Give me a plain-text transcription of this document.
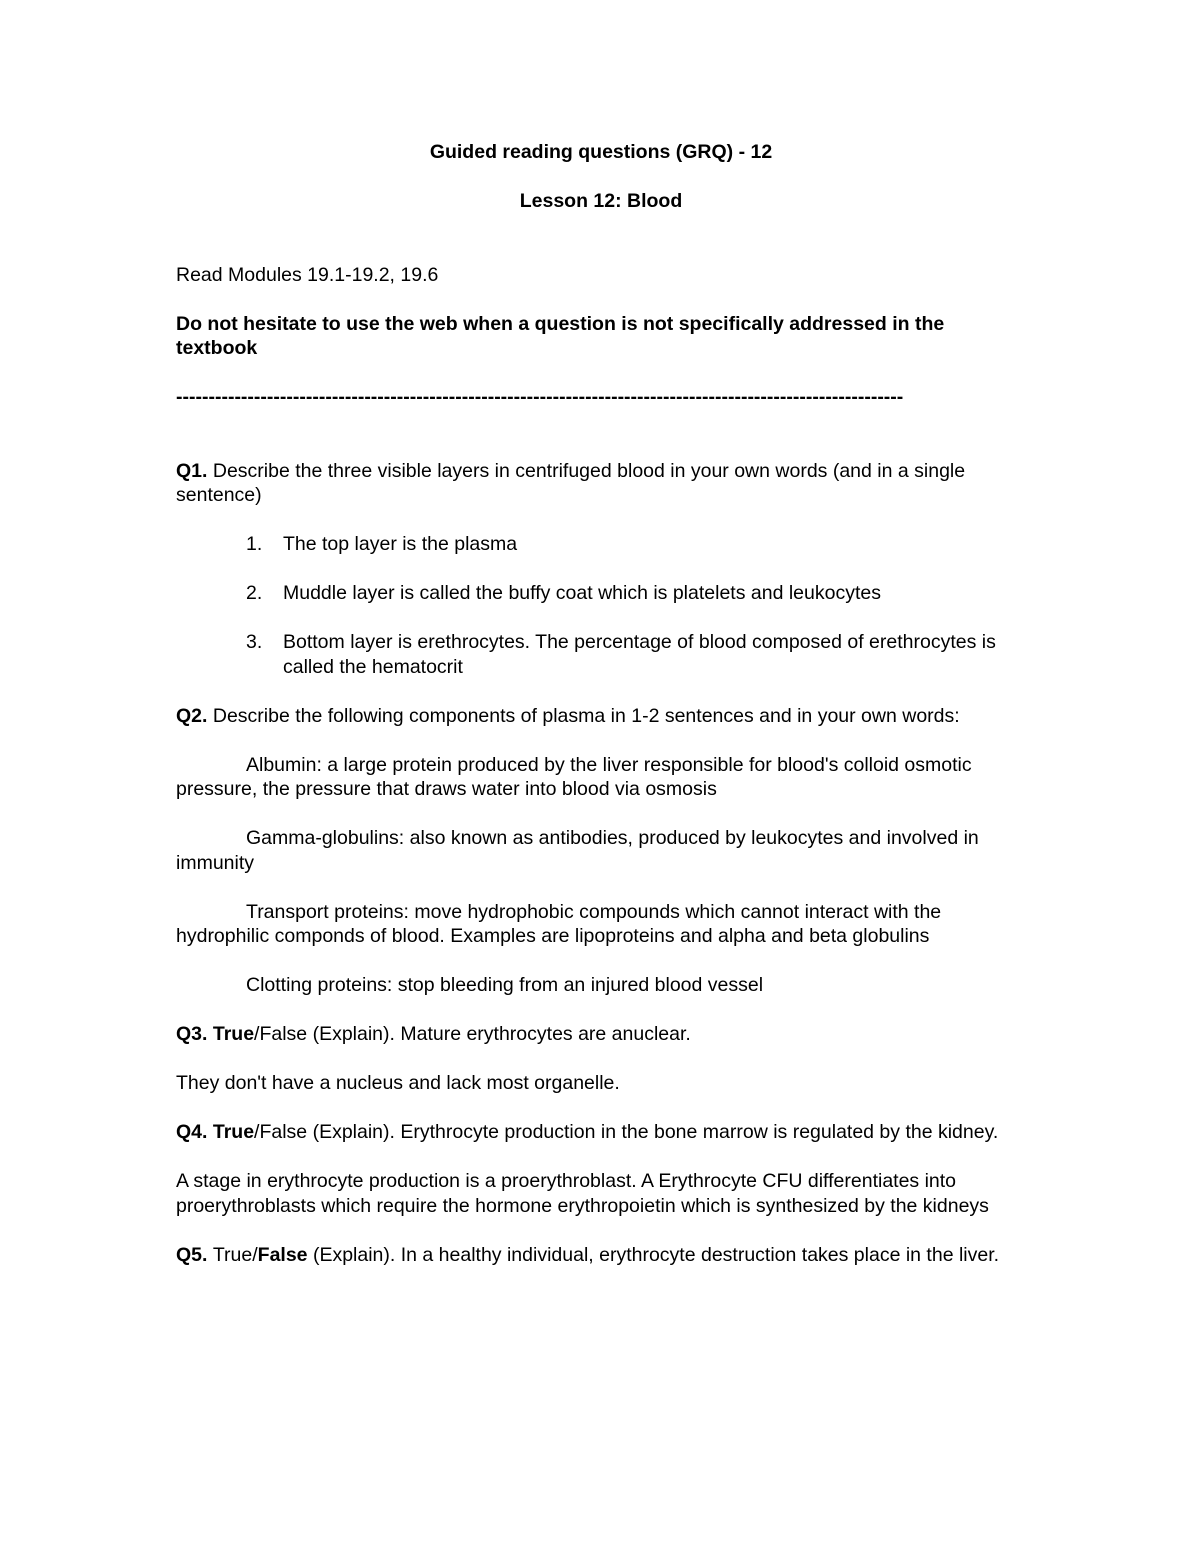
Guided reading questions (GRQ) - 12

Lesson 12: Blood

Read Modules 19.1-19.2, 19.6

Do not hesitate to use the web when a question is not specifically addressed in the textbook

----------------------------------------------------------------------------------------------------------------

Q1. Describe the three visible layers in centrifuged blood in your own words (and in a single sentence)

1. The top layer is the plasma
2. Muddle layer is called the buffy coat which is platelets and leukocytes
3. Bottom layer is erethrocytes. The percentage of blood composed of erethrocytes is called the hematocrit

Q2. Describe the following components of plasma in 1-2 sentences and in your own words:

Albumin: a large protein produced by the liver responsible for blood's colloid osmotic pressure, the pressure that draws water into blood via osmosis

Gamma-globulins: also known as antibodies, produced by leukocytes and involved in immunity

Transport proteins: move hydrophobic compounds which cannot interact with the hydrophilic componds of blood. Examples are lipoproteins and alpha and beta globulins

Clotting proteins: stop bleeding from an injured blood vessel

Q3. True/False (Explain). Mature erythrocytes are anuclear.

They don't have a nucleus and lack most organelle.

Q4. True/False (Explain). Erythrocyte production in the bone marrow is regulated by the kidney.

A stage in erythrocyte production is a proerythroblast. A Erythrocyte CFU differentiates into proerythroblasts which require the hormone erythropoietin which is synthesized by the kidneys

Q5. True/False (Explain). In a healthy individual, erythrocyte destruction takes place in the liver.
